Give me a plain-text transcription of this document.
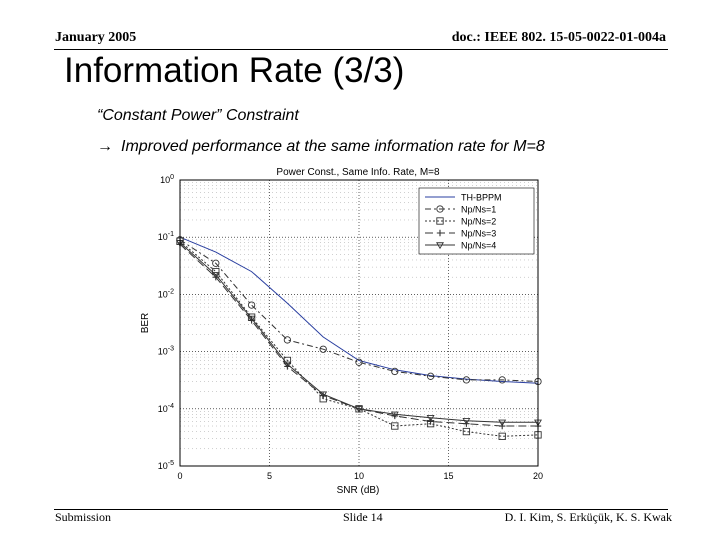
January 2005	doc.: IEEE 802. 15-05-0022-01-004a
Information Rate (3/3)
“Constant Power” Constraint
→ Improved performance at the same information rate for M=8
Power Const., Same Info. Rate, M=8
0	5	10	15	20
$10^0$
$10^{-1}$
$10^{-2}$
$10^{-3}$
$10^{-4}$
$10^{-5}$
SNR (dB)
BER
TH-BPPM
Np/Ns=1
Np/Ns=2
Np/Ns=3
Np/Ns=4
Submission	Slide 14	D. I. Kim, S. Erküçük, K. S. Kwak
